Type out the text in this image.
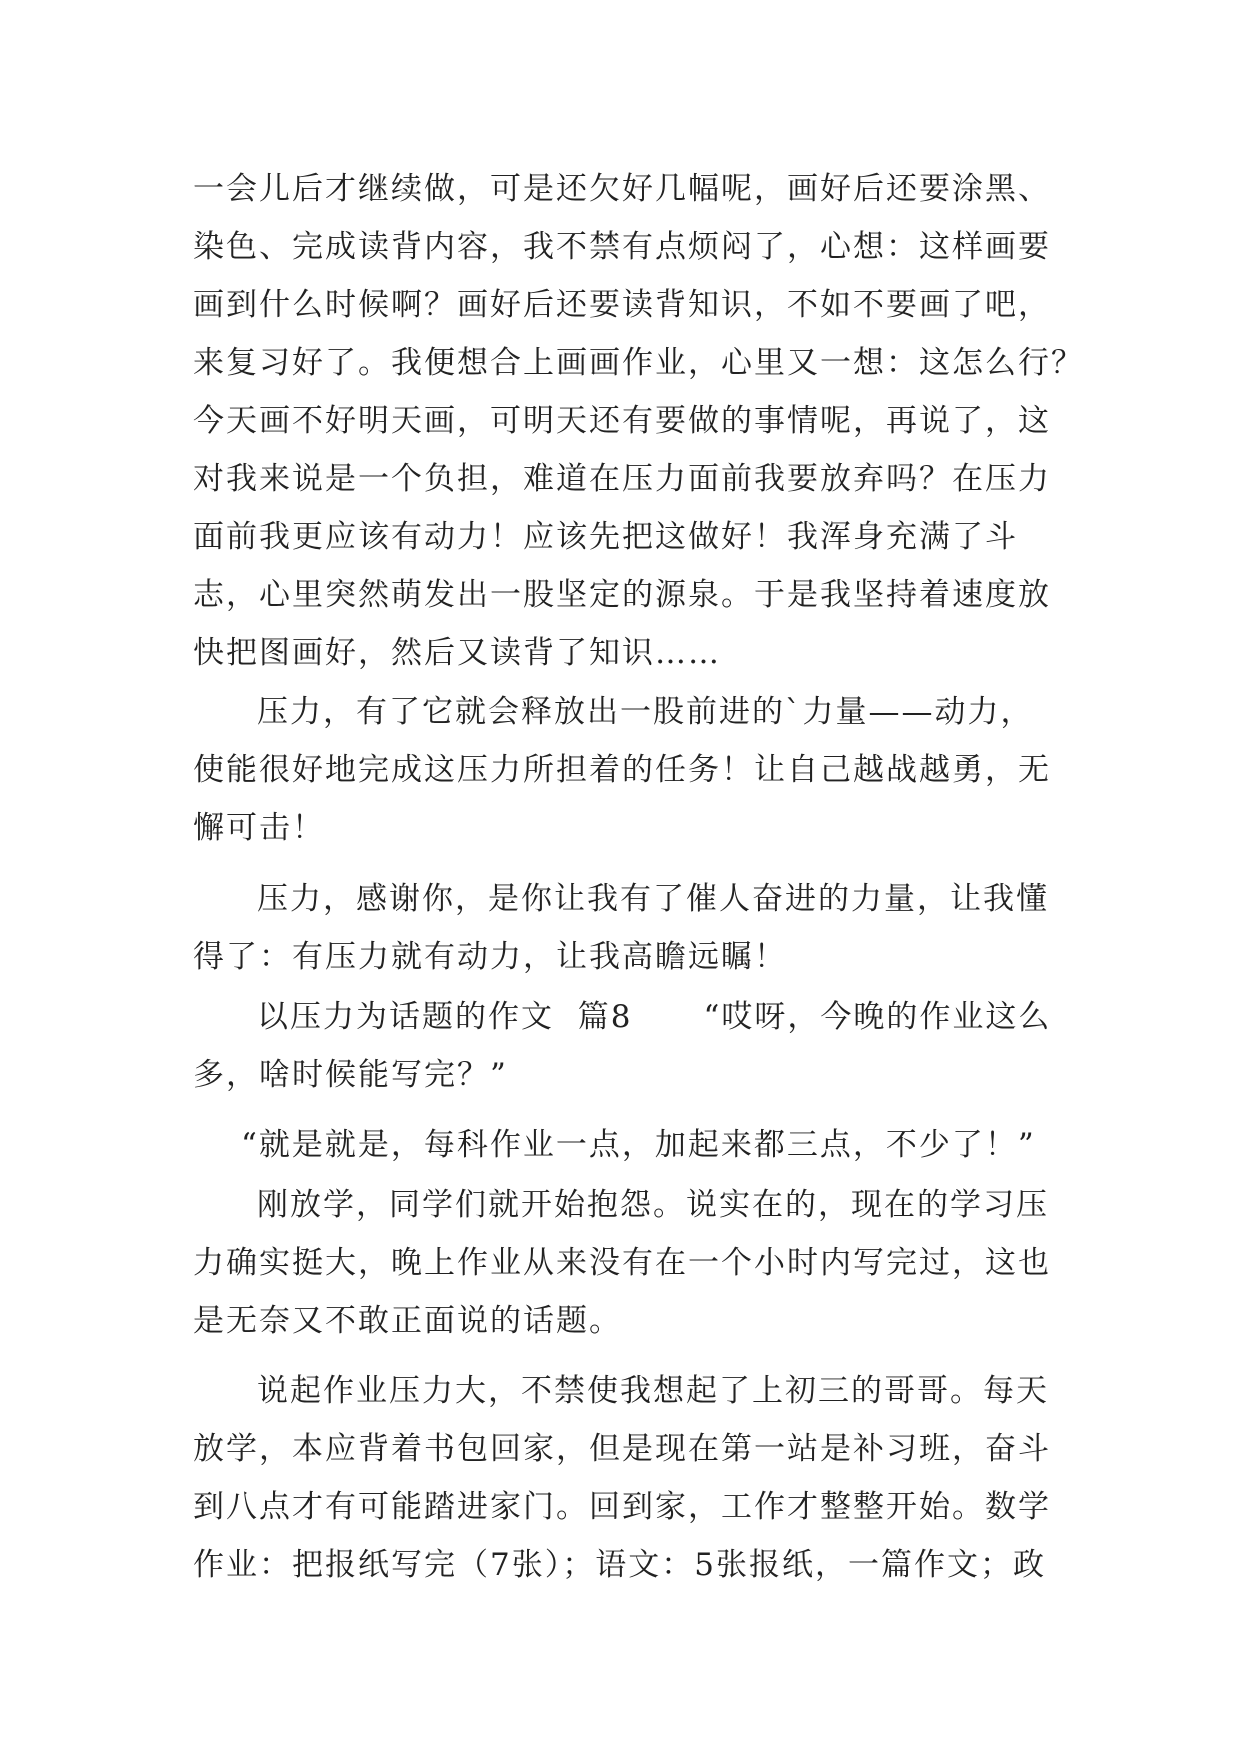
一会儿后才继续做，可是还欠好几幅呢，画好后还要涂黑、
染色、完成读背内容，我不禁有点烦闷了，心想：这样画要
画到什么时候啊？画好后还要读背知识，不如不要画了吧，
来复习好了。我便想合上画画作业，心里又一想：这怎么行？
今天画不好明天画，可明天还有要做的事情呢，再说了，这
对我来说是一个负担，难道在压力面前我要放弃吗？在压力
面前我更应该有动力！应该先把这做好！我浑身充满了斗
志，心里突然萌发出一股坚定的源泉。于是我坚持着速度放
快把图画好，然后又读背了知识……
压力，有了它就会释放出一股前进的`力量——动力，
使能很好地完成这压力所担着的任务！让自己越战越勇，无
懈可击！
压力，感谢你，是你让我有了催人奋进的力量，让我懂
得了：有压力就有动力，让我高瞻远瞩！
以压力为话题的作文  篇8      “哎呀，今晚的作业这么
多，啥时候能写完？”
“就是就是，每科作业一点，加起来都三点，不少了！”
刚放学，同学们就开始抱怨。说实在的，现在的学习压
力确实挺大，晚上作业从来没有在一个小时内写完过，这也
是无奈又不敢正面说的话题。
说起作业压力大，不禁使我想起了上初三的哥哥。每天
放学，本应背着书包回家，但是现在第一站是补习班，奋斗
到八点才有可能踏进家门。回到家，工作才整整开始。数学
作业：把报纸写完（7张）；语文：5张报纸，一篇作文；政
